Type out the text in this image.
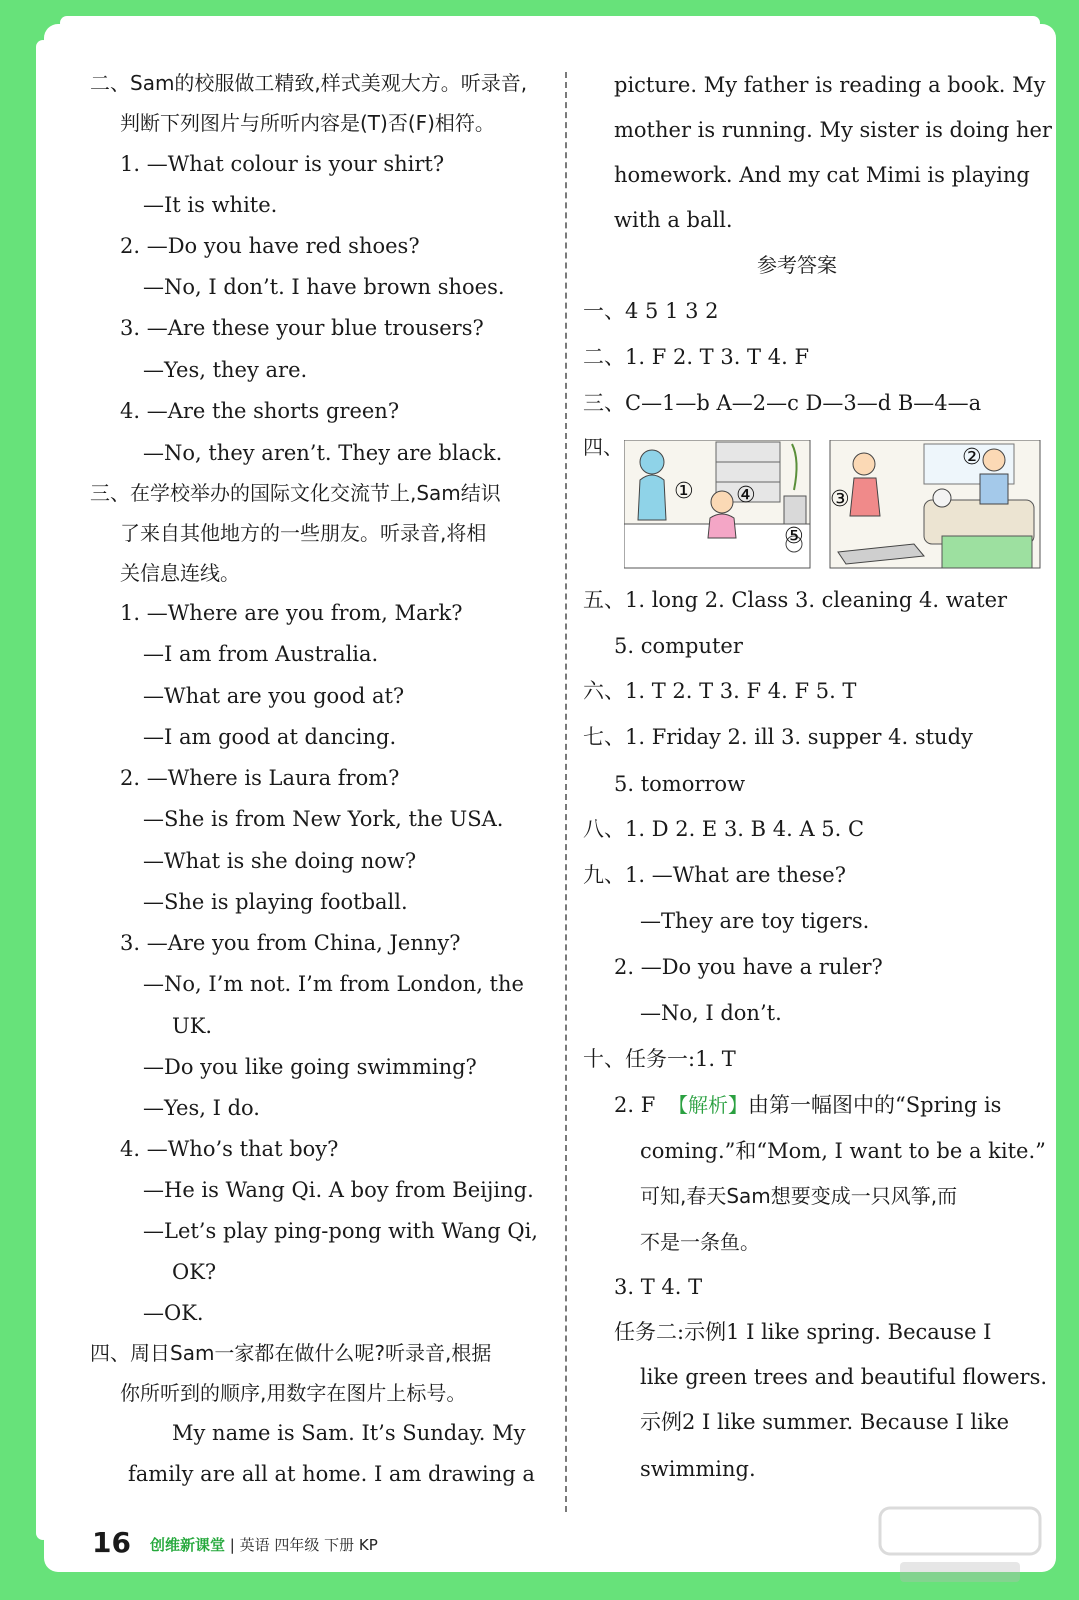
二、Sam的校服做工精致,样式美观大方。听录音,
判断下列图片与所听内容是(T)否(F)相符。
1. —What colour is your shirt?
—It is white.
2. —Do you have red shoes?
—No, I don’t. I have brown shoes.
3. —Are these your blue trousers?
—Yes, they are.
4. —Are the shorts green?
—No, they aren’t. They are black.
三、在学校举办的国际文化交流节上,Sam结识
了来自其他地方的一些朋友。听录音,将相
关信息连线。
1. —Where are you from, Mark?
—I am from Australia.
—What are you good at?
—I am good at dancing.
2. —Where is Laura from?
—She is from New York, the USA.
—What is she doing now?
—She is playing football.
3. —Are you from China, Jenny?
—No, I’m not. I’m from London, the
UK.
—Do you like going swimming?
—Yes, I do.
4. —Who’s that boy?
—He is Wang Qi. A boy from Beijing.
—Let’s play ping-pong with Wang Qi,
OK?
—OK.
四、周日Sam一家都在做什么呢?听录音,根据
你所听到的顺序,用数字在图片上标号。
My name is Sam. It’s Sunday. My
family are all at home. I am drawing a
picture. My father is reading a book. My
mother is running. My sister is doing her
homework. And my cat Mimi is playing
with a ball.
参考答案
一、4 5 1 3 2
二、1. F 2. T 3. T 4. F
三、C—1—b A—2—c D—3—d B—4—a
四、
五、1. long 2. Class 3. cleaning 4. water
5. computer
六、1. T 2. T 3. F 4. F 5. T
七、1. Friday 2. ill 3. supper 4. study
5. tomorrow
八、1. D 2. E 3. B 4. A 5. C
九、1. —What are these?
—They are toy tigers.
2. —Do you have a ruler?
—No, I don’t.
十、任务一:1. T
2. F
coming.”和“Mom, I want to be a kite.”
可知,春天Sam想要变成一只风筝,而
不是一条鱼。
3. T 4. T
任务二:示例1 I like spring. Because I
like green trees and beautiful flowers.
示例2 I like summer. Because I like
swimming.
【解析】由第一幅图中的“Spring is
① ④
⑤
②
③
16 创维新课堂 | 英语 四年级 下册 KP
